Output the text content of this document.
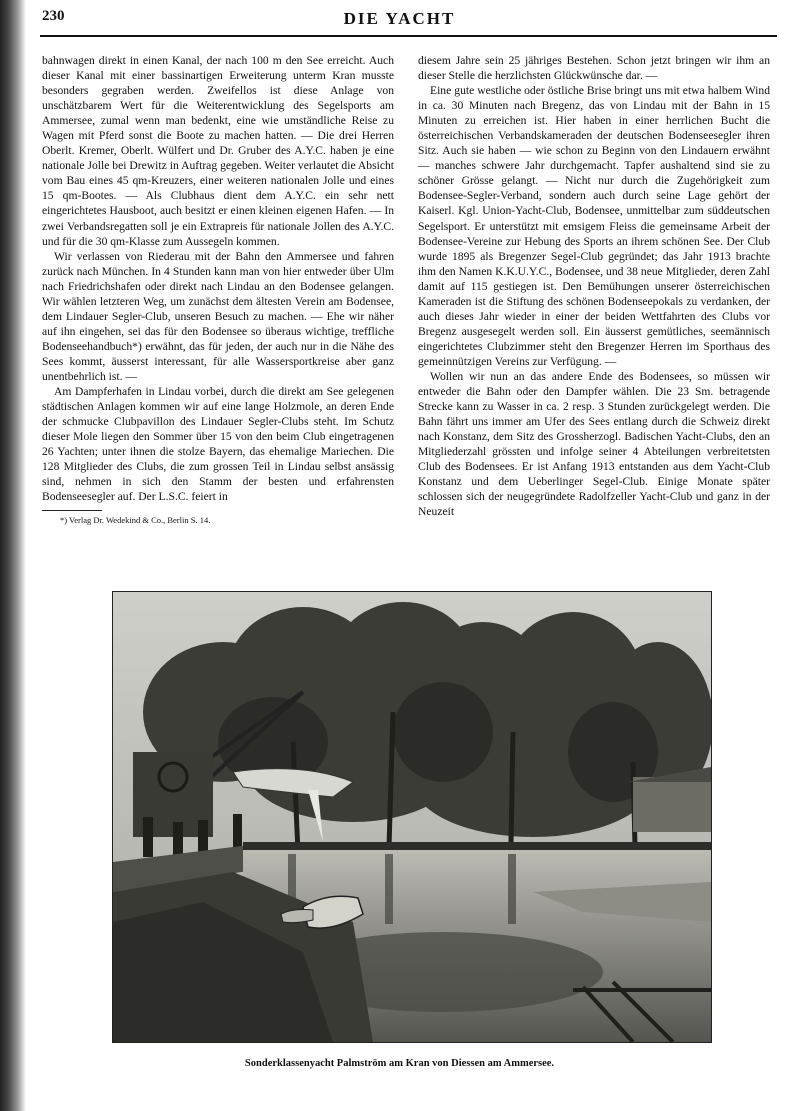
230	DIE YACHT

bahnwagen direkt in einen Kanal, der nach 100 m den See erreicht. Auch dieser Kanal mit einer bassinartigen Erweiterung unterm Kran musste besonders gegraben werden. Zweifellos ist diese Anlage von unschätzbarem Wert für die Weiterentwicklung des Segelsports am Ammersee, zumal wenn man bedenkt, eine wie umständliche Reise zu Wagen mit Pferd sonst die Boote zu machen hatten. — Die drei Herren Oberlt. Kremer, Oberlt. Wülfert und Dr. Gruber des A.Y.C. haben je eine nationale Jolle bei Drewitz in Auftrag gegeben. Weiter verlautet die Absicht vom Bau eines 45 qm-Kreuzers, einer weiteren nationalen Jolle und eines 15 qm-Bootes. — Als Clubhaus dient dem A.Y.C. ein sehr nett eingerichtetes Hausboot, auch besitzt er einen kleinen eigenen Hafen. — In zwei Verbandsregatten soll je ein Extrapreis für nationale Jollen des A.Y.C. und für die 30 qm-Klasse zum Aussegeln kommen.

Wir verlassen von Riederau mit der Bahn den Ammersee und fahren zurück nach München. In 4 Stunden kann man von hier entweder über Ulm nach Friedrichshafen oder direkt nach Lindau an den Bodensee gelangen. Wir wählen letzteren Weg, um zunächst dem ältesten Verein am Bodensee, dem Lindauer Segler-Club, unseren Besuch zu machen. — Ehe wir näher auf ihn eingehen, sei das für den Bodensee so überaus wichtige, treffliche Bodenseehandbuch*) erwähnt, das für jeden, der auch nur in die Nähe des Sees kommt, äusserst interessant, für alle Wassersportkreise aber ganz unentbehrlich ist. —

Am Dampferhafen in Lindau vorbei, durch die direkt am See gelegenen städtischen Anlagen kommen wir auf eine lange Holzmole, an deren Ende der schmucke Clubpavillon des Lindauer Segler-Clubs steht. Im Schutz dieser Mole liegen den Sommer über 15 von den beim Club eingetragenen 26 Yachten; unter ihnen die stolze Bayern, das ehemalige Mariechen. Die 128 Mitglieder des Clubs, die zum grossen Teil in Lindau selbst ansässig sind, nehmen in sich den Stamm der besten und erfahrensten Bodenseesegler auf. Der L.S.C. feiert in

*) Verlag Dr. Wedekind & Co., Berlin S. 14.

diesem Jahre sein 25 jähriges Bestehen. Schon jetzt bringen wir ihm an dieser Stelle die herzlichsten Glückwünsche dar. —

Eine gute westliche oder östliche Brise bringt uns mit etwa halbem Wind in ca. 30 Minuten nach Bregenz, das von Lindau mit der Bahn in 15 Minuten zu erreichen ist. Hier haben in einer herrlichen Bucht die österreichischen Verbandskameraden der deutschen Bodenseesegler ihren Sitz. Auch sie haben — wie schon zu Beginn von den Lindauern erwähnt — manches schwere Jahr durchgemacht. Tapfer aushaltend sind sie zu schöner Grösse gelangt. — Nicht nur durch die Zugehörigkeit zum Bodensee-Segler-Verband, sondern auch durch seine Lage gehört der Kaiserl. Kgl. Union-Yacht-Club, Bodensee, unmittelbar zum süddeutschen Segelsport. Er unterstützt mit emsigem Fleiss die gemeinsame Arbeit der Bodensee-Vereine zur Hebung des Sports an ihrem schönen See. Der Club wurde 1895 als Bregenzer Segel-Club gegründet; das Jahr 1913 brachte ihm den Namen K.K.U.Y.C., Bodensee, und 38 neue Mitglieder, deren Zahl damit auf 115 gestiegen ist. Den Bemühungen unserer österreichischen Kameraden ist die Stiftung des schönen Bodenseepokals zu verdanken, der auch dieses Jahr wieder in einer der beiden Wettfahrten des Clubs vor Bregenz ausgesegelt werden soll. Ein äusserst gemütliches, seemännisch eingerichtetes Clubzimmer steht den Bregenzer Herren im Sporthaus des gemeinnützigen Vereins zur Verfügung. —

Wollen wir nun an das andere Ende des Bodensees, so müssen wir entweder die Bahn oder den Dampfer wählen. Die 23 Sm. betragende Strecke kann zu Wasser in ca. 2 resp. 3 Stunden zurückgelegt werden. Die Bahn fährt uns immer am Ufer des Sees entlang durch die Schweiz direkt nach Konstanz, dem Sitz des Grossherzogl. Badischen Yacht-Clubs, den an Mitgliederzahl grössten und infolge seiner 4 Abteilungen verbreitetsten Club des Bodensees. Er ist Anfang 1913 entstanden aus dem Yacht-Club Konstanz und dem Ueberlinger Segel-Club. Einige Monate später schlossen sich der neugegründete Radolfzeller Yacht-Club und ganz in der Neuzeit

Sonderklassenyacht Palmström am Kran von Diessen am Ammersee.
